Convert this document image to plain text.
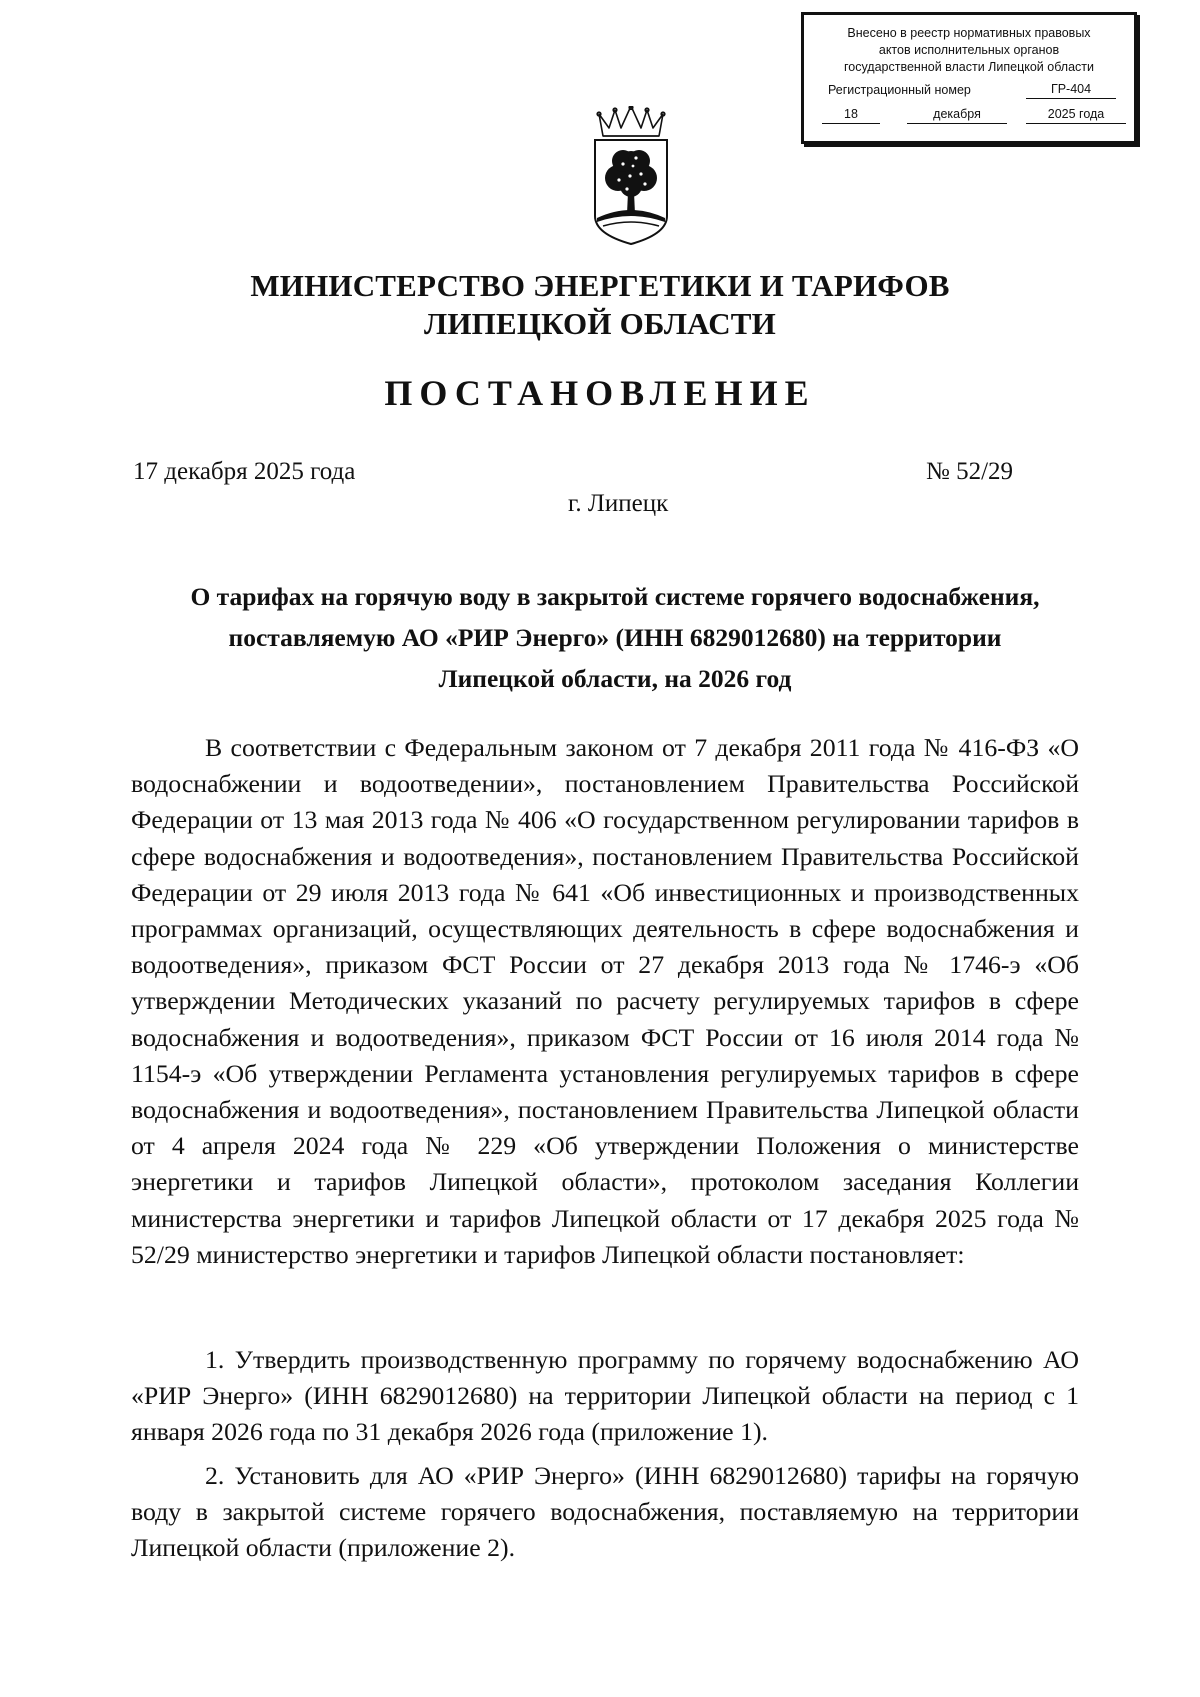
Внесено в реестр нормативных правовых
актов исполнительных органов
государственной власти Липецкой области
Регистрационный номер	ГР-404
18	декабря	2025 года
МИНИСТЕРСТВО ЭНЕРГЕТИКИ И ТАРИФОВ
ЛИПЕЦКОЙ ОБЛАСТИ
ПОСТАНОВЛЕНИЕ
17 декабря 2025 года	№ 52/29
г. Липецк
О тарифах на горячую воду в закрытой системе горячего водоснабжения,
поставляемую АО «РИР Энерго» (ИНН 6829012680) на территории
Липецкой области, на 2026 год

В соответствии с Федеральным законом от 7 декабря 2011 года № 416-ФЗ «О водоснабжении и водоотведении», постановлением Правительства Российской Федерации от 13 мая 2013 года № 406 «О государственном регулировании тарифов в сфере водоснабжения и водоотведения», постановлением Правительства Российской Федерации от 29 июля 2013 года № 641 «Об инвестиционных и производственных программах организаций, осуществляющих деятельность в сфере водоснабжения и водоотведения», приказом ФСТ России от 27 декабря 2013 года № 1746-э «Об утверждении Методических указаний по расчету регулируемых тарифов в сфере водоснабжения и водоотведения», приказом ФСТ России от 16 июля 2014 года № 1154-э «Об утверждении Регламента установления регулируемых тарифов в сфере водоснабжения и водоотведения», постановлением Правительства Липецкой области от 4 апреля 2024 года № 229 «Об утверждении Положения о министерстве энергетики и тарифов Липецкой области», протоколом заседания Коллегии министерства энергетики и тарифов Липецкой области от 17 декабря 2025 года № 52/29 министерство энергетики и тарифов Липецкой области постановляет:

1. Утвердить производственную программу по горячему водоснабжению АО «РИР Энерго» (ИНН 6829012680) на территории Липецкой области на период с 1 января 2026 года по 31 декабря 2026 года (приложение 1).

2. Установить для АО «РИР Энерго» (ИНН 6829012680) тарифы на горячую воду в закрытой системе горячего водоснабжения, поставляемую на территории Липецкой области (приложение 2).
